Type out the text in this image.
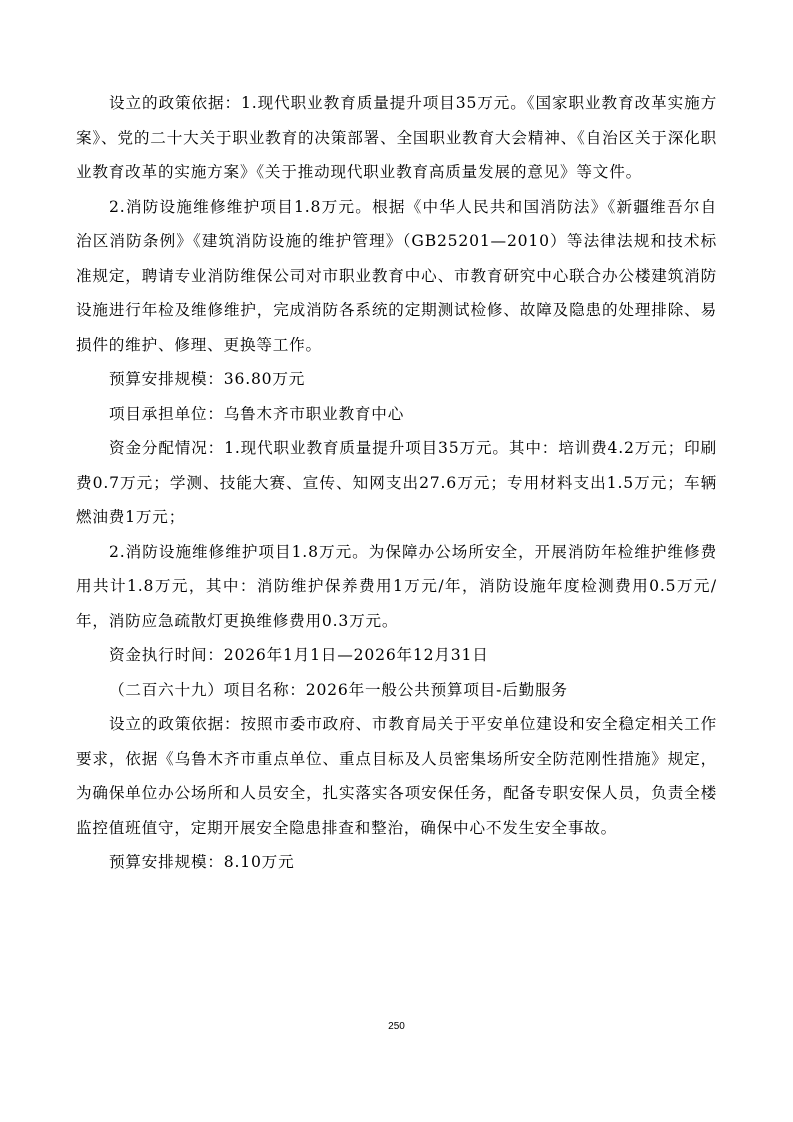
设立的政策依据：1.现代职业教育质量提升项目35万元。《国家职业教育改革实施方案》、党的二十大关于职业教育的决策部署、全国职业教育大会精神、《自治区关于深化职业教育改革的实施方案》《关于推动现代职业教育高质量发展的意见》等文件。

2.消防设施维修维护项目1.8万元。根据《中华人民共和国消防法》《新疆维吾尔自治区消防条例》《建筑消防设施的维护管理》（GB25201—2010）等法律法规和技术标准规定，聘请专业消防维保公司对市职业教育中心、市教育研究中心联合办公楼建筑消防设施进行年检及维修维护，完成消防各系统的定期测试检修、故障及隐患的处理排除、易损件的维护、修理、更换等工作。

预算安排规模：36.80万元

项目承担单位：乌鲁木齐市职业教育中心

资金分配情况：1.现代职业教育质量提升项目35万元。其中：培训费4.2万元；印刷费0.7万元；学测、技能大赛、宣传、知网支出27.6万元；专用材料支出1.5万元；车辆燃油费1万元；

2.消防设施维修维护项目1.8万元。为保障办公场所安全，开展消防年检维护维修费用共计1.8万元，其中：消防维护保养费用1万元/年，消防设施年度检测费用0.5万元/年，消防应急疏散灯更换维修费用0.3万元。

资金执行时间：2026年1月1日—2026年12月31日

（二百六十九）项目名称：2026年一般公共预算项目-后勤服务

设立的政策依据：按照市委市政府、市教育局关于平安单位建设和安全稳定相关工作要求，依据《乌鲁木齐市重点单位、重点目标及人员密集场所安全防范刚性措施》规定，为确保单位办公场所和人员安全，扎实落实各项安保任务，配备专职安保人员，负责全楼监控值班值守，定期开展安全隐患排查和整治，确保中心不发生安全事故。

预算安排规模：8.10万元

250
